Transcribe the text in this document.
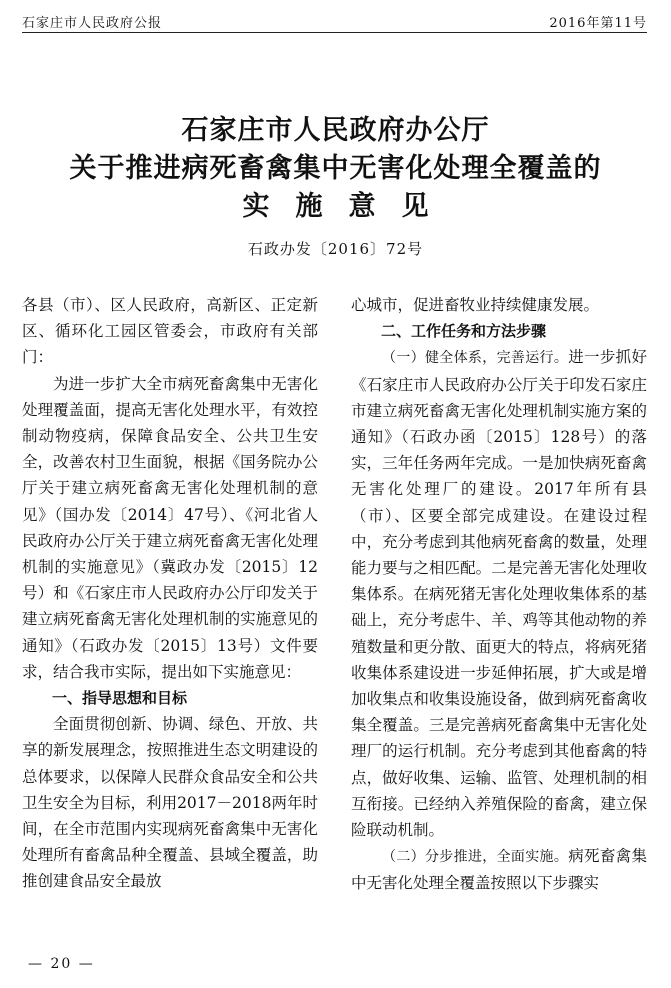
石家庄市人民政府公报	2016年第11号
石家庄市人民政府办公厅
关于推进病死畜禽集中无害化处理全覆盖的
实施意见
石政办发〔2016〕72号

各县（市）、区人民政府，高新区、正定新区、循环化工园区管委会，市政府有关部门：

为进一步扩大全市病死畜禽集中无害化处理覆盖面，提高无害化处理水平，有效控制动物疫病，保障食品安全、公共卫生安全，改善农村卫生面貌，根据《国务院办公厅关于建立病死畜禽无害化处理机制的意见》（国办发〔2014〕47号）、《河北省人民政府办公厅关于建立病死畜禽无害化处理机制的实施意见》（冀政办发〔2015〕12号）和《石家庄市人民政府办公厅印发关于建立病死畜禽无害化处理机制的实施意见的通知》（石政办发〔2015〕13号）文件要求，结合我市实际，提出如下实施意见：

一、指导思想和目标

全面贯彻创新、协调、绿色、开放、共享的新发展理念，按照推进生态文明建设的总体要求，以保障人民群众食品安全和公共卫生安全为目标，利用2017－2018两年时间，在全市范围内实现病死畜禽集中无害化处理所有畜禽品种全覆盖、县域全覆盖，助推创建食品安全最放

心城市，促进畜牧业持续健康发展。

二、工作任务和方法步骤

（一）健全体系，完善运行。进一步抓好《石家庄市人民政府办公厅关于印发石家庄市建立病死畜禽无害化处理机制实施方案的通知》（石政办函〔2015〕128号）的落实，三年任务两年完成。一是加快病死畜禽无害化处理厂的建设。2017年所有县（市）、区要全部完成建设。在建设过程中，充分考虑到其他病死畜禽的数量，处理能力要与之相匹配。二是完善无害化处理收集体系。在病死猪无害化处理收集体系的基础上，充分考虑牛、羊、鸡等其他动物的养殖数量和更分散、面更大的特点，将病死猪收集体系建设进一步延伸拓展，扩大或是增加收集点和收集设施设备，做到病死畜禽收集全覆盖。三是完善病死畜禽集中无害化处理厂的运行机制。充分考虑到其他畜禽的特点，做好收集、运输、监管、处理机制的相互衔接。已经纳入养殖保险的畜禽，建立保险联动机制。

（二）分步推进，全面实施。病死畜禽集中无害化处理全覆盖按照以下步骤实

— 20 —
